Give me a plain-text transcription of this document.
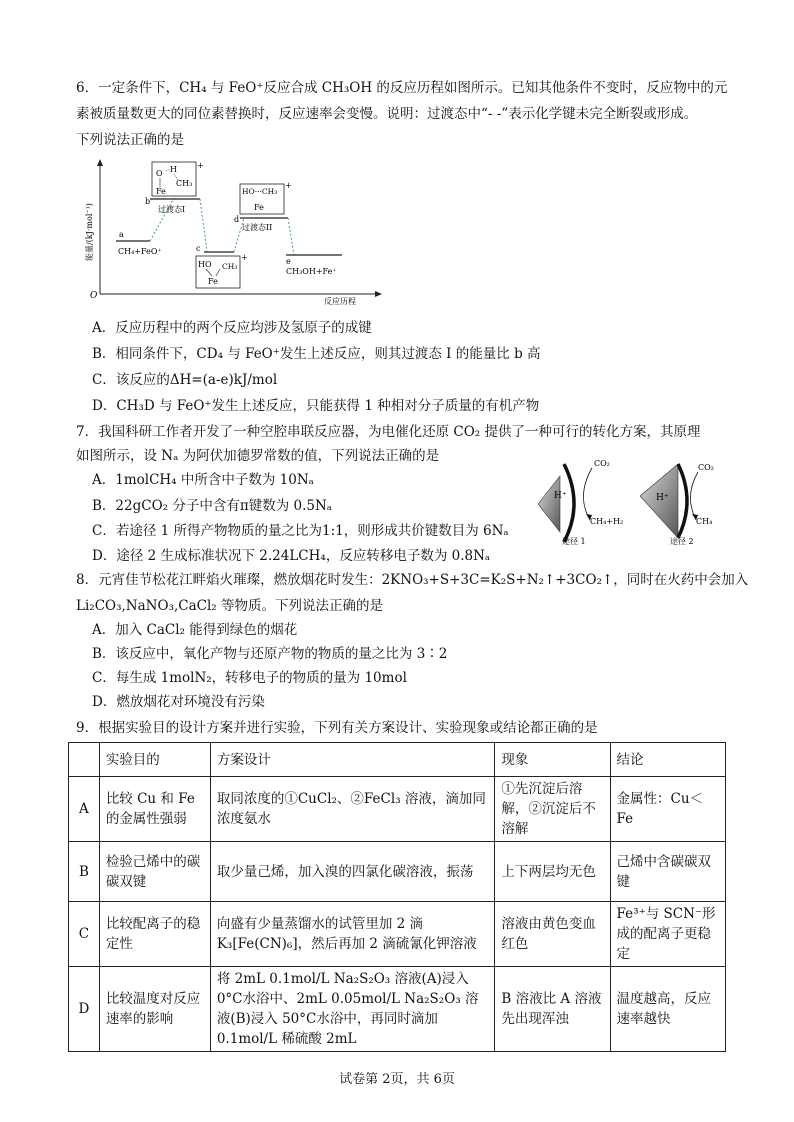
6．一定条件下，CH₄ 与 FeO⁺反应合成 CH₃OH 的反应历程如图所示。已知其他条件不变时，反应物中的元
素被质量数更大的同位素替换时，反应速率会变慢。说明：过渡态中“- -”表示化学键未完全断裂或形成。
下列说法正确的是
能量/(kJ·mol⁻¹)
O
反应历程
a
CH₄+FeO⁺
b
c
d
e
CH₃OH+Fe⁺
O H
CH₃
Fe
+
过渡态I
HO···CH₃
Fe
+
过渡态II
HO CH₃
Fe
+
A．反应历程中的两个反应均涉及氢原子的成键
B．相同条件下，CD₄ 与 FeO⁺发生上述反应，则其过渡态 I 的能量比 b 高
C．该反应的ΔH=(a-e)kJ/mol
D．CH₃D 与 FeO⁺发生上述反应，只能获得 1 种相对分子质量的有机产物
7．我国科研工作者开发了一种空腔串联反应器，为电催化还原 CO₂ 提供了一种可行的转化方案，其原理
如图所示，设 Nₐ 为阿伏加德罗常数的值，下列说法正确的是
A．1molCH₄ 中所含中子数为 10Nₐ
B．22gCO₂ 分子中含有π键数为 0.5Nₐ
C．若途径 1 所得产物物质的量之比为1:1，则形成共价键数目为 6Nₐ
D．途径 2 生成标准状况下 2.24LCH₄，反应转移电子数为 0.8Nₐ
H⁺
CO₂
CH₄+H₂
途径 1
H⁺
CO₂
CH₄
途径 2
8．元宵佳节松花江畔焰火璀璨，燃放烟花时发生：2KNO₃+S+3C=K₂S+N₂↑+3CO₂↑，同时在火药中会加入
Li₂CO₃,NaNO₃,CaCl₂ 等物质。下列说法正确的是
A．加入 CaCl₂ 能得到绿色的烟花
B．该反应中，氧化产物与还原产物的物质的量之比为 3∶2
C．每生成 1molN₂，转移电子的物质的量为 10mol
D．燃放烟花对环境没有污染
9．根据实验目的设计方案并进行实验，下列有关方案设计、实验现象或结论都正确的是
	实验目的	方案设计	现象	结论
A	比较 Cu 和 Fe 的金属性强弱	取同浓度的①CuCl₂、②FeCl₃ 溶液，滴加同浓度氨水	①先沉淀后溶解，②沉淀后不溶解	金属性：Cu＜Fe
B	检验己烯中的碳碳双键	取少量己烯，加入溴的四氯化碳溶液，振荡	上下两层均无色	己烯中含碳碳双键
C	比较配离子的稳定性	向盛有少量蒸馏水的试管里加 2 滴 K₃[Fe(CN)₆]，然后再加 2 滴硫氰化钾溶液	溶液由黄色变血红色	Fe³⁺与 SCN⁻形成的配离子更稳定
D	比较温度对反应速率的影响	将 2mL 0.1mol/L Na₂S₂O₃ 溶液(A)浸入 0°C水浴中、2mL 0.05mol/L Na₂S₂O₃ 溶液(B)浸入 50°C水浴中，再同时滴加 0.1mol/L 稀硫酸 2mL	B 溶液比 A 溶液先出现浑浊	温度越高，反应速率越快
试卷第 2页，共 6页
